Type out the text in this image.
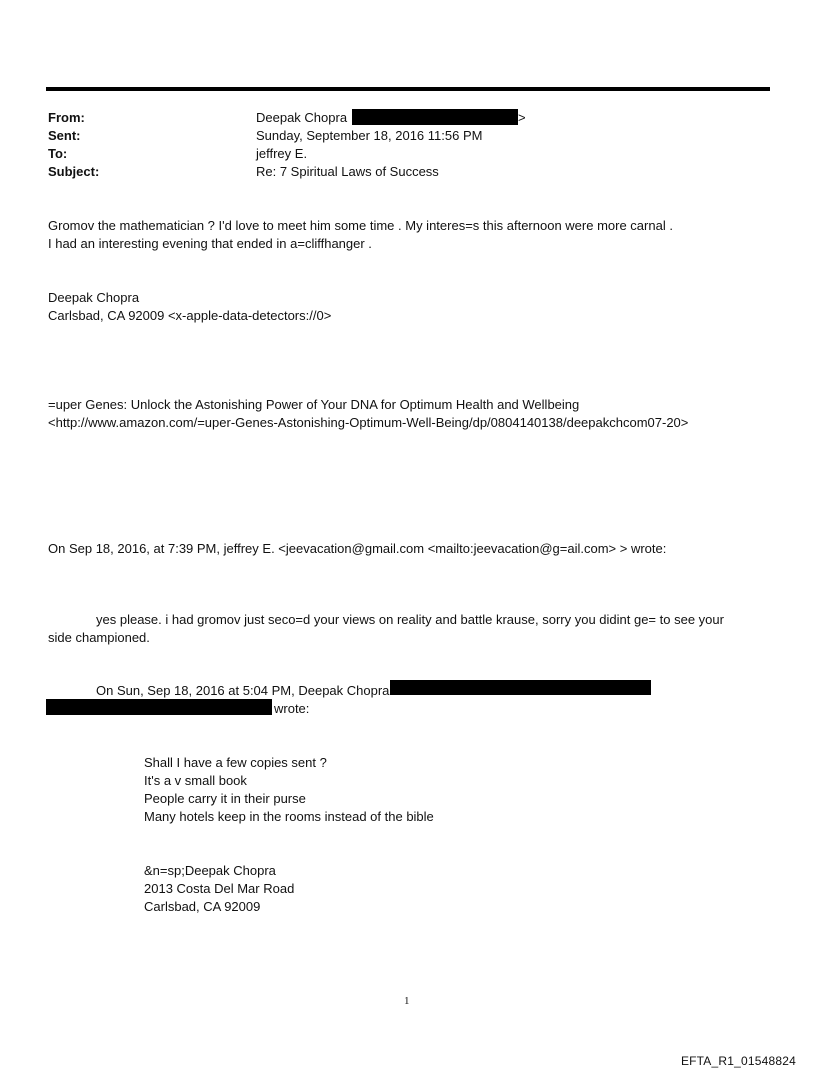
From:	Deepak Chopra	>
Sent:	Sunday, September 18, 2016 11:56 PM
To:	jeffrey E.
Subject:	Re: 7 Spiritual Laws of Success
Gromov the mathematician ? I'd love to meet him some time . My interes=s this afternoon were more carnal .
I had an interesting evening that ended in a=cliffhanger .
Deepak Chopra
Carlsbad, CA 92009 <x-apple-data-detectors://0>
=uper Genes: Unlock the Astonishing Power of Your DNA for Optimum Health and Wellbeing
<http://www.amazon.com/=uper-Genes-Astonishing-Optimum-Well-Being/dp/0804140138/deepakchcom07-20>
On Sep 18, 2016, at 7:39 PM, jeffrey E. <jeevacation@gmail.com <mailto:jeevacation@g=ail.com> > wrote:
yes please. i had gromov just seco=d your views on reality and battle krause, sorry you didint ge= to see your
side championed.
On Sun, Sep 18, 2016 at 5:04 PM, Deepak Chopra
wrote:
Shall I have a few copies sent ?
It's a v small book
People carry it in their purse
Many hotels keep in the rooms instead of the bible
&n=sp;Deepak Chopra
2013 Costa Del Mar Road
Carlsbad, CA 92009
1
EFTA_R1_01548824
